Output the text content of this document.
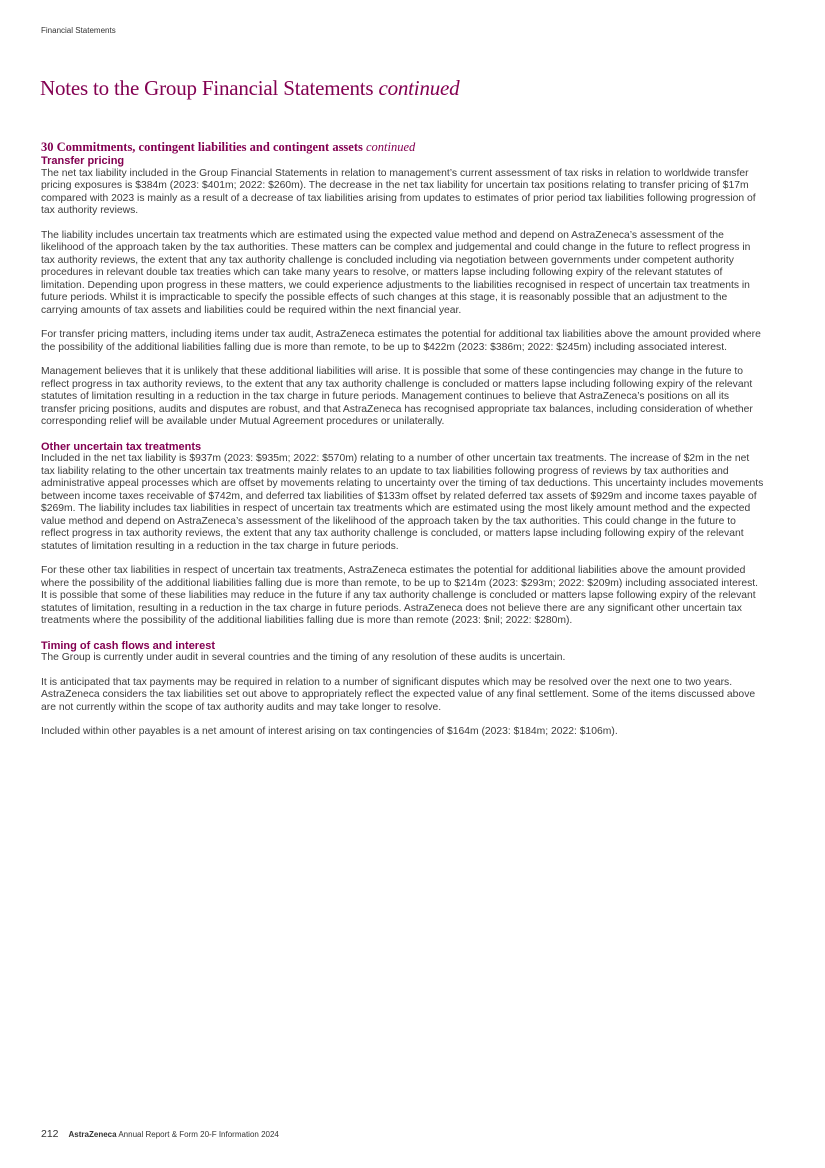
Financial Statements
Notes to the Group Financial Statements continued
30 Commitments, contingent liabilities and contingent assets continued
Transfer pricing

The net tax liability included in the Group Financial Statements in relation to management’s current assessment of tax risks in relation to worldwide transfer pricing exposures is $384m (2023: $401m; 2022: $260m). The decrease in the net tax liability for uncertain tax positions relating to transfer pricing of $17m compared with 2023 is mainly as a result of a decrease of tax liabilities arising from updates to estimates of prior period tax liabilities following progression of tax authority reviews.

The liability includes uncertain tax treatments which are estimated using the expected value method and depend on AstraZeneca’s assessment of the likelihood of the approach taken by the tax authorities. These matters can be complex and judgemental and could change in the future to reflect progress in tax authority reviews, the extent that any tax authority challenge is concluded including via negotiation between governments under competent authority procedures in relevant double tax treaties which can take many years to resolve, or matters lapse including following expiry of the relevant statutes of limitation. Depending upon progress in these matters, we could experience adjustments to the liabilities recognised in respect of uncertain tax treatments in future periods. Whilst it is impracticable to specify the possible effects of such changes at this stage, it is reasonably possible that an adjustment to the carrying amounts of tax assets and liabilities could be required within the next financial year.

For transfer pricing matters, including items under tax audit, AstraZeneca estimates the potential for additional tax liabilities above the amount provided where the possibility of the additional liabilities falling due is more than remote, to be up to $422m (2023: $386m; 2022: $245m) including associated interest.

Management believes that it is unlikely that these additional liabilities will arise. It is possible that some of these contingencies may change in the future to reflect progress in tax authority reviews, to the extent that any tax authority challenge is concluded or matters lapse including following expiry of the relevant statutes of limitation resulting in a reduction in the tax charge in future periods. Management continues to believe that AstraZeneca’s positions on all its transfer pricing positions, audits and disputes are robust, and that AstraZeneca has recognised appropriate tax balances, including consideration of whether corresponding relief will be available under Mutual Agreement procedures or unilaterally.

Other uncertain tax treatments

Included in the net tax liability is $937m (2023: $935m; 2022: $570m) relating to a number of other uncertain tax treatments. The increase of $2m in the net tax liability relating to the other uncertain tax treatments mainly relates to an update to tax liabilities following progress of reviews by tax authorities and administrative appeal processes which are offset by movements relating to uncertainty over the timing of tax deductions. This uncertainty includes movements between income taxes receivable of $742m, and deferred tax liabilities of $133m offset by related deferred tax assets of $929m and income taxes payable of $269m. The liability includes tax liabilities in respect of uncertain tax treatments which are estimated using the most likely amount method and the expected value method and depend on AstraZeneca’s assessment of the likelihood of the approach taken by the tax authorities. This could change in the future to reflect progress in tax authority reviews, the extent that any tax authority challenge is concluded, or matters lapse including following expiry of the relevant statutes of limitation resulting in a reduction in the tax charge in future periods.

For these other tax liabilities in respect of uncertain tax treatments, AstraZeneca estimates the potential for additional liabilities above the amount provided where the possibility of the additional liabilities falling due is more than remote, to be up to $214m (2023: $293m; 2022: $209m) including associated interest. It is possible that some of these liabilities may reduce in the future if any tax authority challenge is concluded or matters lapse following expiry of the relevant statutes of limitation, resulting in a reduction in the tax charge in future periods. AstraZeneca does not believe there are any significant other uncertain tax treatments where the possibility of the additional liabilities falling due is more than remote (2023: $nil; 2022: $280m).

Timing of cash flows and interest

The Group is currently under audit in several countries and the timing of any resolution of these audits is uncertain.

It is anticipated that tax payments may be required in relation to a number of significant disputes which may be resolved over the next one to two years. AstraZeneca considers the tax liabilities set out above to appropriately reflect the expected value of any final settlement. Some of the items discussed above are not currently within the scope of tax authority audits and may take longer to resolve.

Included within other payables is a net amount of interest arising on tax contingencies of $164m (2023: $184m; 2022: $106m).

212 AstraZeneca Annual Report & Form 20-F Information 2024
